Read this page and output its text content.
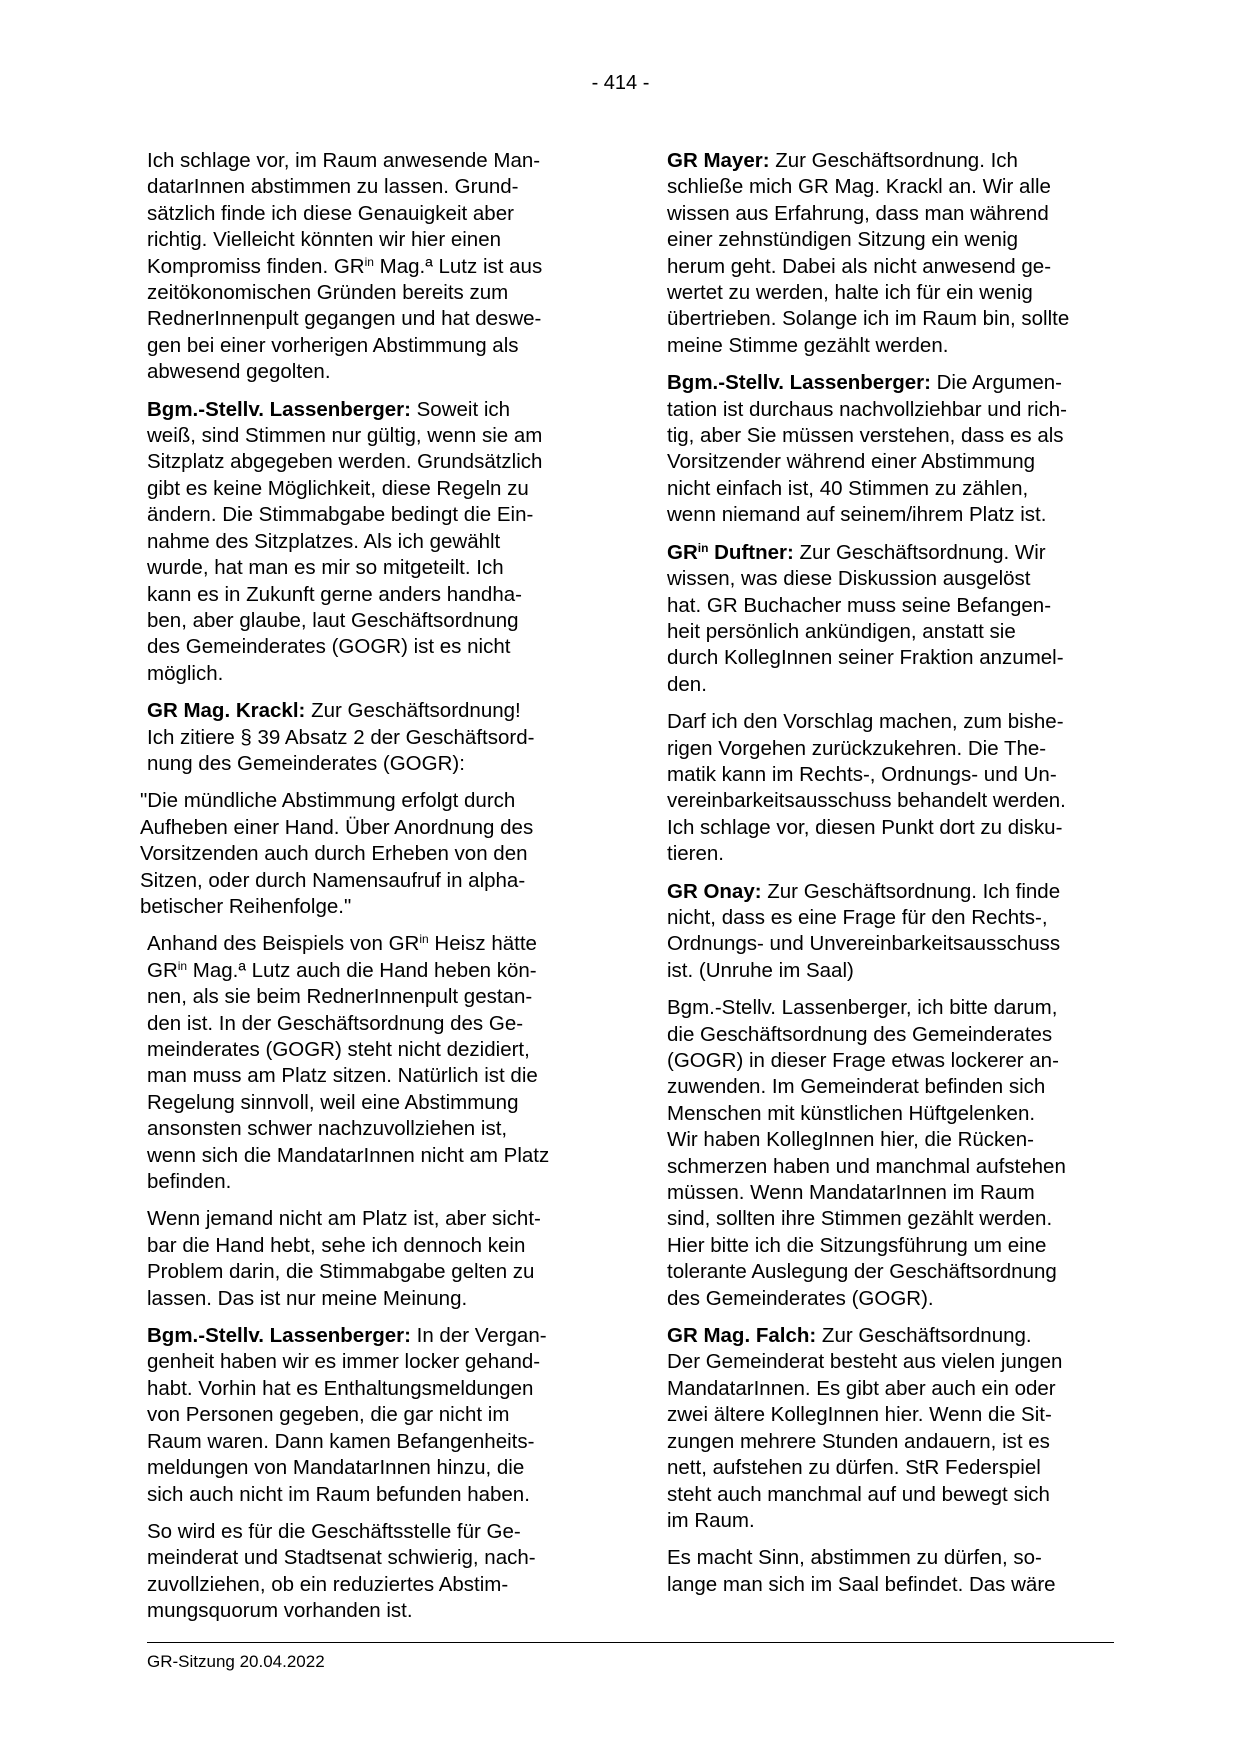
- 414 -
Ich schlage vor, im Raum anwesende Man-
datarInnen abstimmen zu lassen. Grund-
sätzlich finde ich diese Genauigkeit aber
richtig. Vielleicht könnten wir hier einen
Kompromiss finden. $GR^{in}$ Mag.ª Lutz ist aus
zeitökonomischen Gründen bereits zum
RednerInnenpult gegangen und hat deswe-
gen bei einer vorherigen Abstimmung als
abwesend gegolten.
Bgm.-Stellv. Lassenberger: Soweit ich
weiß, sind Stimmen nur gültig, wenn sie am
Sitzplatz abgegeben werden. Grundsätzlich
gibt es keine Möglichkeit, diese Regeln zu
ändern. Die Stimmabgabe bedingt die Ein-
nahme des Sitzplatzes. Als ich gewählt
wurde, hat man es mir so mitgeteilt. Ich
kann es in Zukunft gerne anders handha-
ben, aber glaube, laut Geschäftsordnung
des Gemeinderates (GOGR) ist es nicht
möglich.
GR Mag. Krackl: Zur Geschäftsordnung!
Ich zitiere § 39 Absatz 2 der Geschäftsord-
nung des Gemeinderates (GOGR):
"Die mündliche Abstimmung erfolgt durch
Aufheben einer Hand. Über Anordnung des
Vorsitzenden auch durch Erheben von den
Sitzen, oder durch Namensaufruf in alpha-
betischer Reihenfolge."
Anhand des Beispiels von $GR^{in}$ Heisz hätte
$GR^{in}$ Mag.ª Lutz auch die Hand heben kön-
nen, als sie beim RednerInnenpult gestan-
den ist. In der Geschäftsordnung des Ge-
meinderates (GOGR) steht nicht dezidiert,
man muss am Platz sitzen. Natürlich ist die
Regelung sinnvoll, weil eine Abstimmung
ansonsten schwer nachzuvollziehen ist,
wenn sich die MandatarInnen nicht am Platz
befinden.
Wenn jemand nicht am Platz ist, aber sicht-
bar die Hand hebt, sehe ich dennoch kein
Problem darin, die Stimmabgabe gelten zu
lassen. Das ist nur meine Meinung.
Bgm.-Stellv. Lassenberger: In der Vergan-
genheit haben wir es immer locker gehand-
habt. Vorhin hat es Enthaltungsmeldungen
von Personen gegeben, die gar nicht im
Raum waren. Dann kamen Befangenheits-
meldungen von MandatarInnen hinzu, die
sich auch nicht im Raum befunden haben.
So wird es für die Geschäftsstelle für Ge-
meinderat und Stadtsenat schwierig, nach-
zuvollziehen, ob ein reduziertes Abstim-
mungsquorum vorhanden ist.
GR Mayer: Zur Geschäftsordnung. Ich
schließe mich GR Mag. Krackl an. Wir alle
wissen aus Erfahrung, dass man während
einer zehnstündigen Sitzung ein wenig
herum geht. Dabei als nicht anwesend ge-
wertet zu werden, halte ich für ein wenig
übertrieben. Solange ich im Raum bin, sollte
meine Stimme gezählt werden.
Bgm.-Stellv. Lassenberger: Die Argumen-
tation ist durchaus nachvollziehbar und rich-
tig, aber Sie müssen verstehen, dass es als
Vorsitzender während einer Abstimmung
nicht einfach ist, 40 Stimmen zu zählen,
wenn niemand auf seinem/ihrem Platz ist.
$GR^{in}$ Duftner: Zur Geschäftsordnung. Wir
wissen, was diese Diskussion ausgelöst
hat. GR Buchacher muss seine Befangen-
heit persönlich ankündigen, anstatt sie
durch KollegInnen seiner Fraktion anzumel-
den.
Darf ich den Vorschlag machen, zum bishe-
rigen Vorgehen zurückzukehren. Die The-
matik kann im Rechts-, Ordnungs- und Un-
vereinbarkeitsausschuss behandelt werden.
Ich schlage vor, diesen Punkt dort zu disku-
tieren.
GR Onay: Zur Geschäftsordnung. Ich finde
nicht, dass es eine Frage für den Rechts-,
Ordnungs- und Unvereinbarkeitsausschuss
ist. (Unruhe im Saal)
Bgm.-Stellv. Lassenberger, ich bitte darum,
die Geschäftsordnung des Gemeinderates
(GOGR) in dieser Frage etwas lockerer an-
zuwenden. Im Gemeinderat befinden sich
Menschen mit künstlichen Hüftgelenken.
Wir haben KollegInnen hier, die Rücken-
schmerzen haben und manchmal aufstehen
müssen. Wenn MandatarInnen im Raum
sind, sollten ihre Stimmen gezählt werden.
Hier bitte ich die Sitzungsführung um eine
tolerante Auslegung der Geschäftsordnung
des Gemeinderates (GOGR).
GR Mag. Falch: Zur Geschäftsordnung.
Der Gemeinderat besteht aus vielen jungen
MandatarInnen. Es gibt aber auch ein oder
zwei ältere KollegInnen hier. Wenn die Sit-
zungen mehrere Stunden andauern, ist es
nett, aufstehen zu dürfen. StR Federspiel
steht auch manchmal auf und bewegt sich
im Raum.
Es macht Sinn, abstimmen zu dürfen, so-
lange man sich im Saal befindet. Das wäre
GR-Sitzung 20.04.2022
